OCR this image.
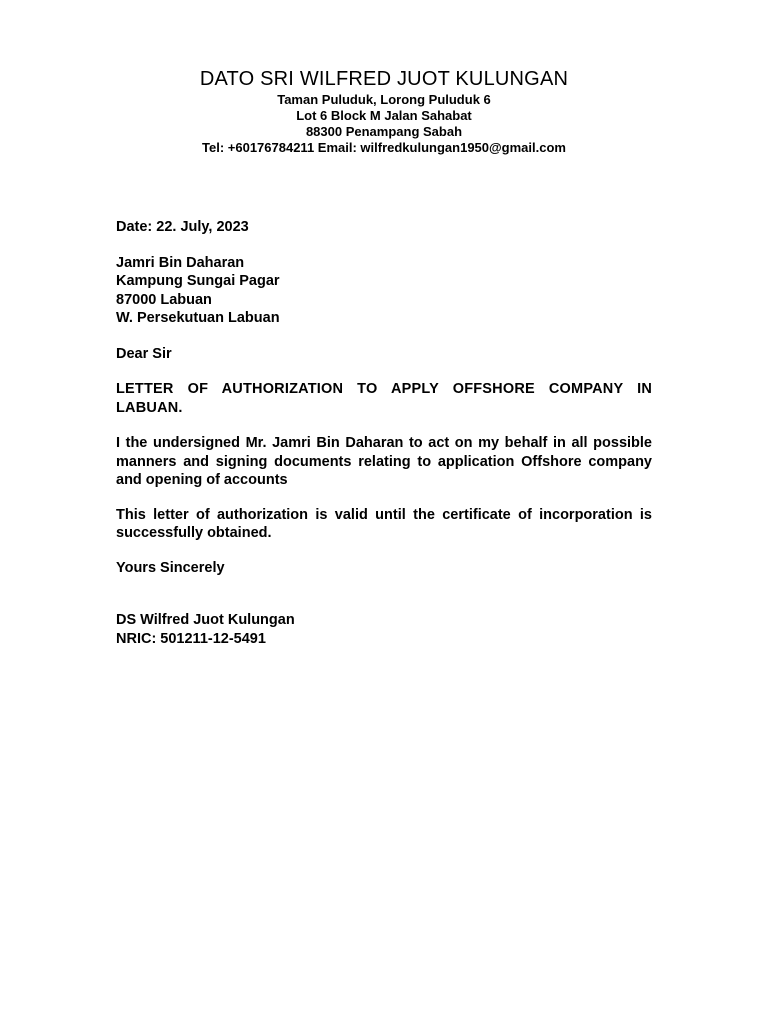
DATO SRI WILFRED JUOT KULUNGAN
Taman Puluduk, Lorong Puluduk 6
Lot 6 Block M Jalan Sahabat
88300 Penampang Sabah
Tel: +60176784211 Email: wilfredkulungan1950@gmail.com
Date: 22. July, 2023
Jamri Bin Daharan
Kampung Sungai Pagar
87000 Labuan
W. Persekutuan Labuan
Dear Sir
LETTER OF AUTHORIZATION TO APPLY OFFSHORE COMPANY IN LABUAN.
I the undersigned Mr. Jamri Bin Daharan to act on my behalf in all possible manners and signing documents relating to application Offshore company and opening of accounts
This letter of authorization is valid until the certificate of incorporation is successfully obtained.
Yours Sincerely
DS Wilfred Juot Kulungan
NRIC: 501211-12-5491
